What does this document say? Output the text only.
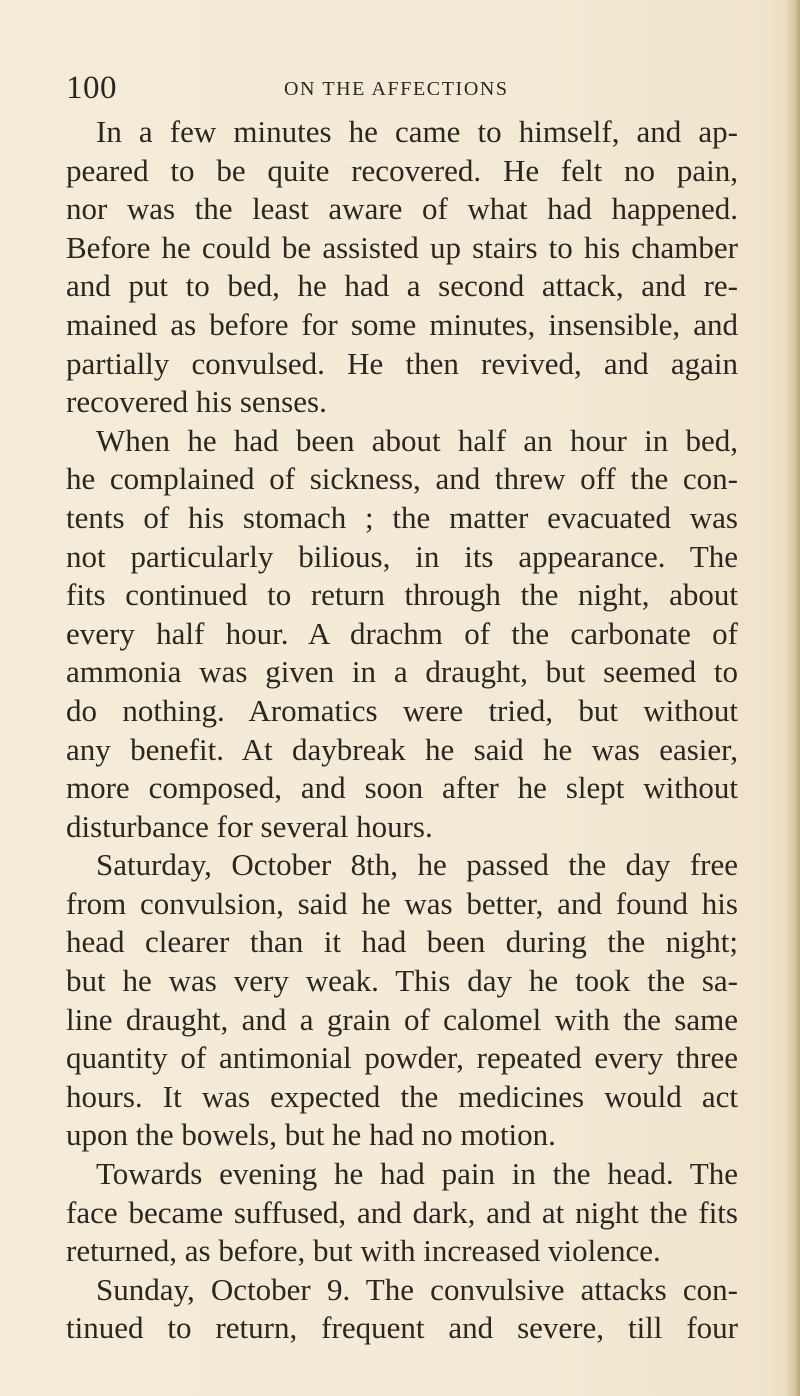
100	ON THE AFFECTIONS
In a few minutes he came to himself, and ap-
peared to be quite recovered. He felt no pain,
nor was the least aware of what had happened.
Before he could be assisted up stairs to his chamber
and put to bed, he had a second attack, and re-
mained as before for some minutes, insensible, and
partially convulsed. He then revived, and again
recovered his senses.
When he had been about half an hour in bed,
he complained of sickness, and threw off the con-
tents of his stomach ; the matter evacuated was
not particularly bilious, in its appearance. The
fits continued to return through the night, about
every half hour. A drachm of the carbonate of
ammonia was given in a draught, but seemed to
do nothing. Aromatics were tried, but without
any benefit. At daybreak he said he was easier,
more composed, and soon after he slept without
disturbance for several hours.
Saturday, October 8th, he passed the day free
from convulsion, said he was better, and found his
head clearer than it had been during the night;
but he was very weak. This day he took the sa-
line draught, and a grain of calomel with the same
quantity of antimonial powder, repeated every three
hours. It was expected the medicines would act
upon the bowels, but he had no motion.
Towards evening he had pain in the head. The
face became suffused, and dark, and at night the fits
returned, as before, but with increased violence.
Sunday, October 9. The convulsive attacks con-
tinued to return, frequent and severe, till four
